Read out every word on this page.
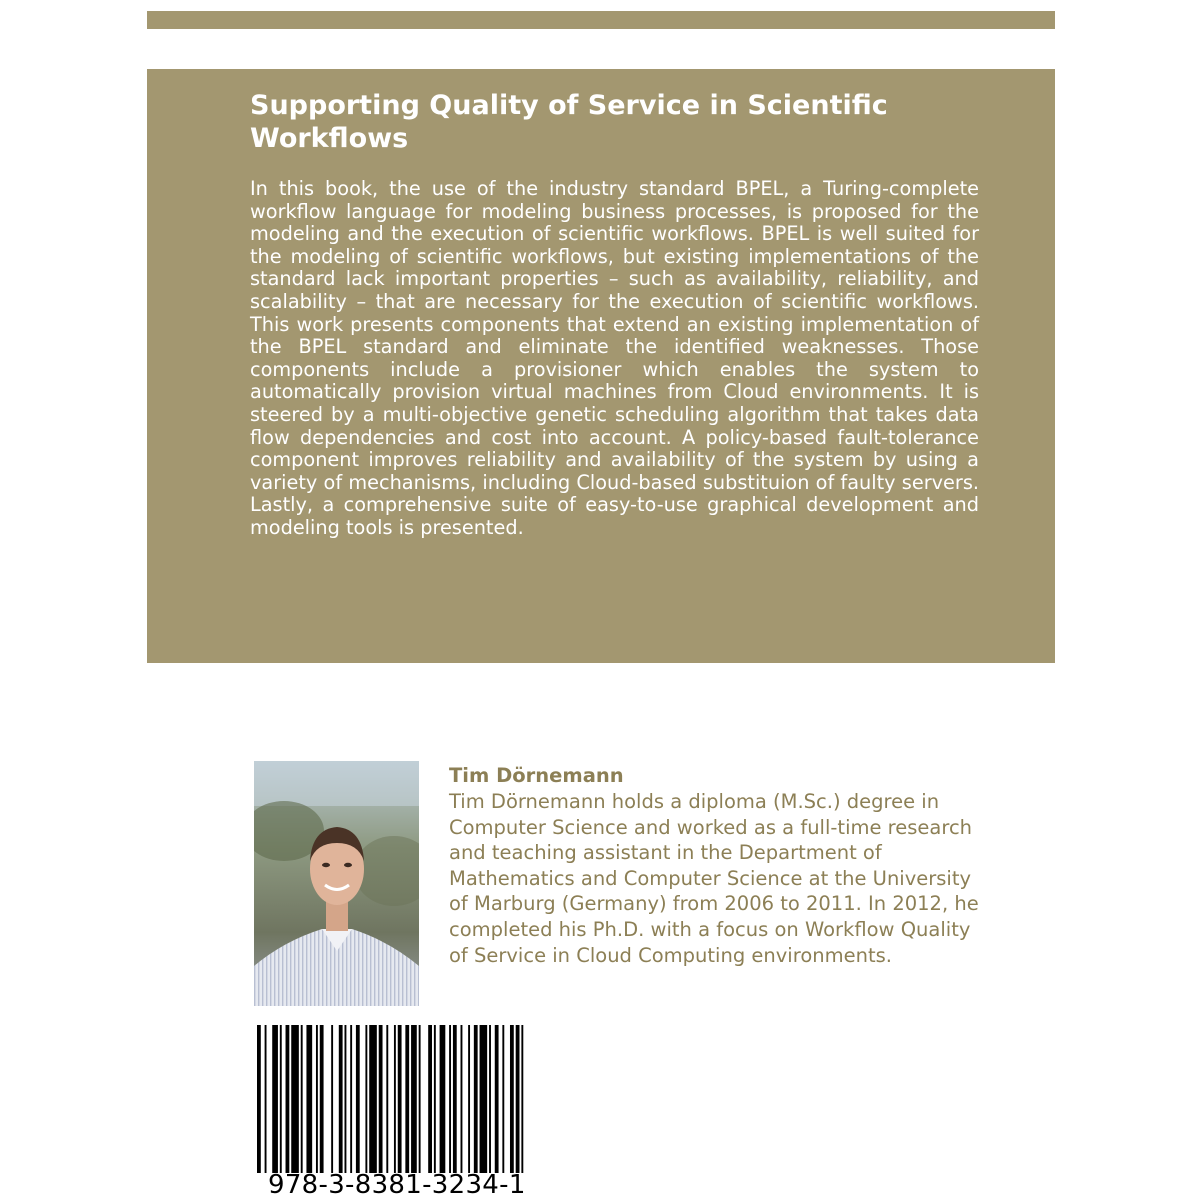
Supporting Quality of Service in Scientific Workflows

In this book, the use of the industry standard BPEL, a Turing-complete workflow language for modeling business processes, is proposed for the modeling and the execution of scientific workflows. BPEL is well suited for the modeling of scientific workflows, but existing implementations of the standard lack important properties – such as availability, reliability, and scalability – that are necessary for the execution of scientific workflows. This work presents components that extend an existing implementation of the BPEL standard and eliminate the identified weaknesses. Those components include a provisioner which enables the system to automatically provision virtual machines from Cloud environments. It is steered by a multi-objective genetic scheduling algorithm that takes data flow dependencies and cost into account. A policy-based fault-tolerance component improves reliability and availability of the system by using a variety of mechanisms, including Cloud-based substituion of faulty servers. Lastly, a comprehensive suite of easy-to-use graphical development and modeling tools is presented.

Tim Dörnemann

Tim Dörnemann holds a diploma (M.Sc.) degree in Computer Science and worked as a full-time research and teaching assistant in the Department of Mathematics and Computer Science at the University of Marburg (Germany) from 2006 to 2011. In 2012, he completed his Ph.D. with a focus on Workflow Quality of Service in Cloud Computing environments.

978-3-8381-3234-1
